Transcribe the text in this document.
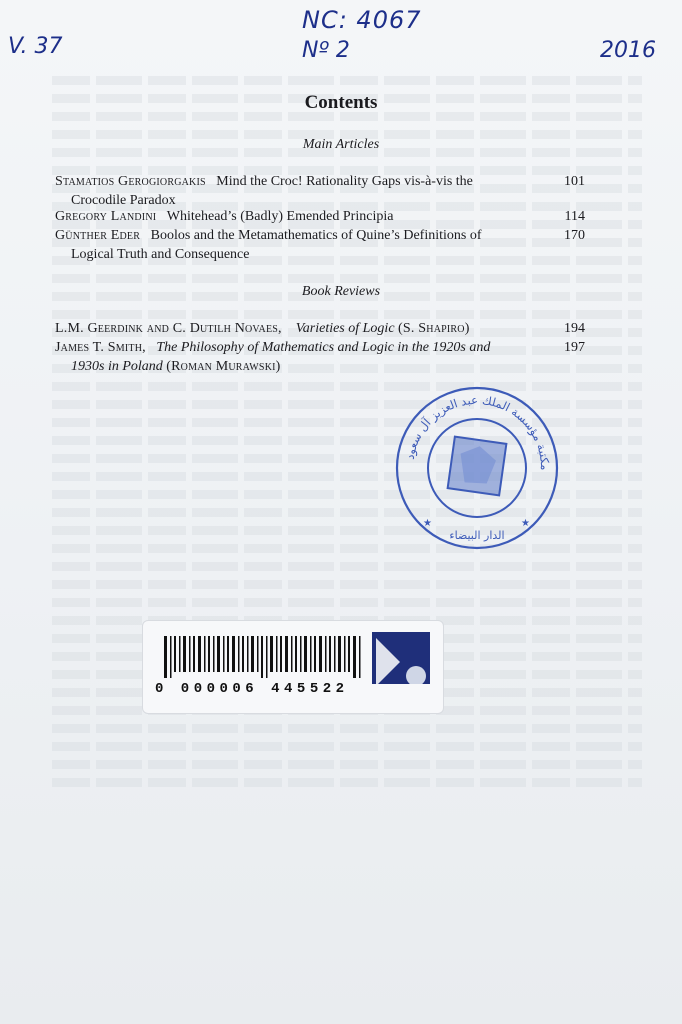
NC: 4067
Nº 2
V. 37	2016
Contents
Main Articles
Stamatios Gerogiorgakis Mind the Croc! Rationality Gaps vis-à-vis the	101
Crocodile Paradox
Gregory Landini Whitehead’s (Badly) Emended Principia	114
Günther Eder Boolos and the Metamathematics of Quine’s Definitions of	170
Logical Truth and Consequence
Book Reviews
L.M. Geerdink and C. Dutilh Novaes, Varieties of Logic (S. Shapiro)	194
James T. Smith, The Philosophy of Mathematics and Logic in the 1920s and	197
1930s in Poland (Roman Murawski)
مكتبة مؤسسة الملك عبد العزيز آل سعود
الدار البيضاء
★	★
0 000006 445522
